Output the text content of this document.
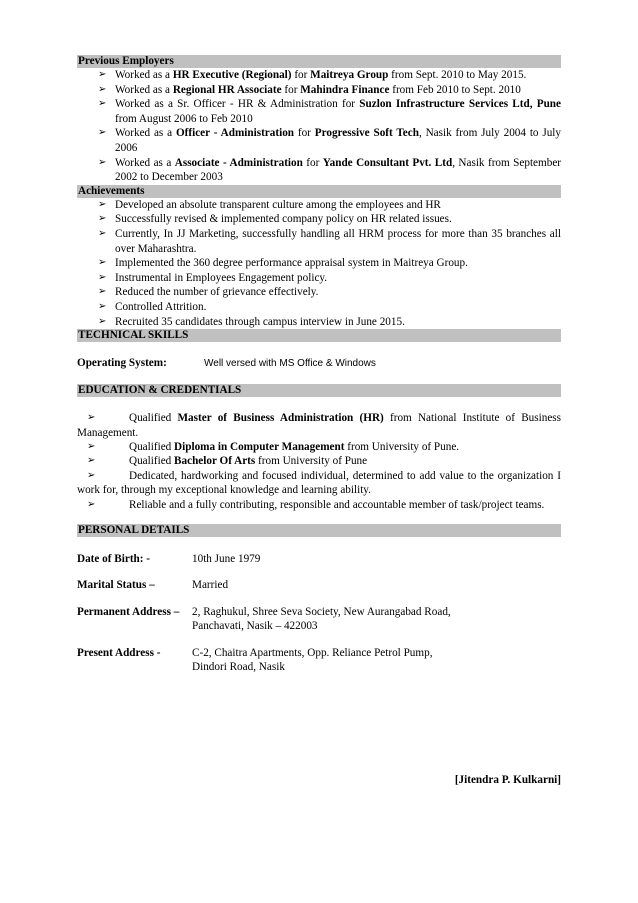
Previous Employers
➢ Worked as a HR Executive (Regional) for Maitreya Group from Sept. 2010 to May 2015.
➢ Worked as a Regional HR Associate for Mahindra Finance from Feb 2010 to Sept. 2010
➢ Worked as a Sr. Officer - HR & Administration for Suzlon Infrastructure Services Ltd, Pune from August 2006 to Feb 2010
➢ Worked as a Officer - Administration for Progressive Soft Tech, Nasik from July 2004 to July 2006
➢ Worked as a Associate - Administration for Yande Consultant Pvt. Ltd, Nasik from September 2002 to December 2003
Achievements
➢ Developed an absolute transparent culture among the employees and HR
➢ Successfully revised & implemented company policy on HR related issues.
➢ Currently, In JJ Marketing, successfully handling all HRM process for more than 35 branches all over Maharashtra.
➢ Implemented the 360 degree performance appraisal system in Maitreya Group.
➢ Instrumental in Employees Engagement policy.
➢ Reduced the number of grievance effectively.
➢ Controlled Attrition.
➢ Recruited 35 candidates through campus interview in June 2015.
TECHNICAL SKILLS
Operating System:	Well versed with MS Office & Windows
EDUCATION & CREDENTIALS
➢	Qualified Master of Business Administration (HR) from National Institute of Business Management.
➢	Qualified Diploma in Computer Management from University of Pune.
➢	Qualified Bachelor Of Arts from University of Pune
➢	Dedicated, hardworking and focused individual, determined to add value to the organization I work for, through my exceptional knowledge and learning ability.
➢	Reliable and a fully contributing, responsible and accountable member of task/project teams.
PERSONAL DETAILS
Date of Birth: -	10th June 1979

Marital Status –	Married

Permanent Address –	2, Raghukul, Shree Seva Society, New Aurangabad Road,
Panchavati, Nasik – 422003

Present Address -	C-2, Chaitra Apartments, Opp. Reliance Petrol Pump,
Dindori Road, Nasik
[Jitendra P. Kulkarni]
